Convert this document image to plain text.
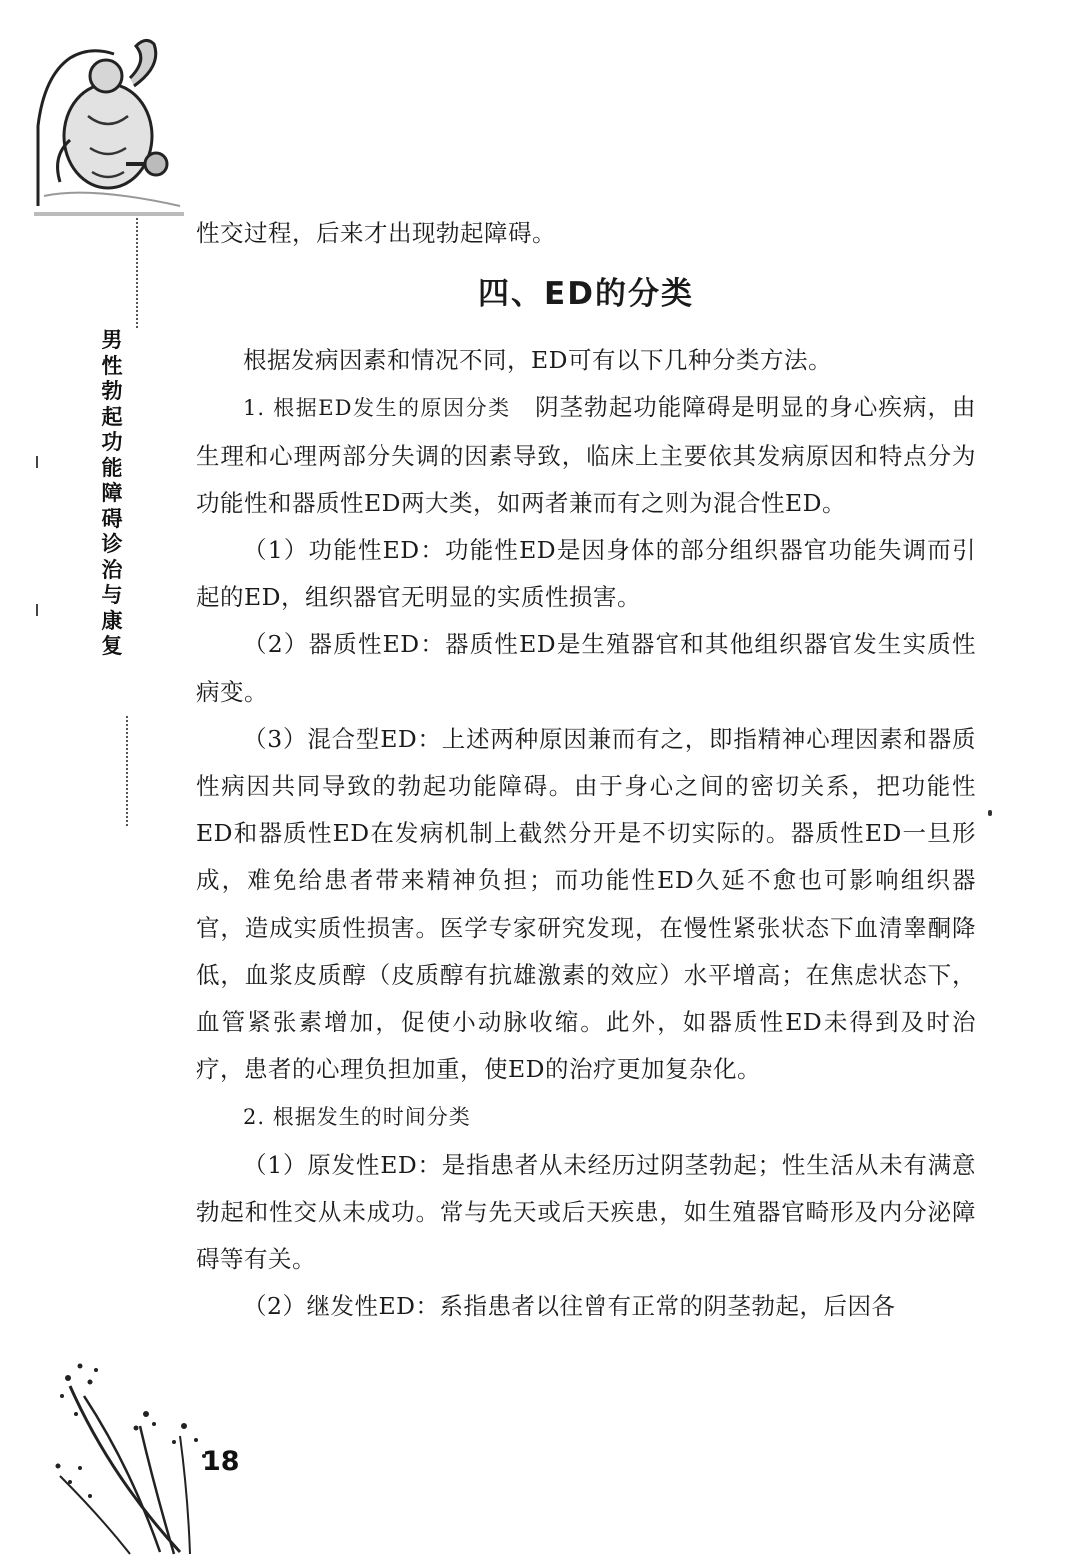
男性勃起功能障碍诊治与康复

性交过程，后来才出现勃起障碍。

四、ED的分类

根据发病因素和情况不同，ED可有以下几种分类方法。

1. 根据ED发生的原因分类　 阴茎勃起功能障碍是明显的身心疾病，由生理和心理两部分失调的因素导致，临床上主要依其发病原因和特点分为功能性和器质性ED两大类，如两者兼而有之则为混合性ED。

（1）功能性ED：功能性ED是因身体的部分组织器官功能失调而引起的ED，组织器官无明显的实质性损害。

（2）器质性ED：器质性ED是生殖器官和其他组织器官发生实质性病变。

（3）混合型ED：上述两种原因兼而有之，即指精神心理因素和器质性病因共同导致的勃起功能障碍。由于身心之间的密切关系，把功能性ED和器质性ED在发病机制上截然分开是不切实际的。器质性ED一旦形成，难免给患者带来精神负担；而功能性ED久延不愈也可影响组织器官，造成实质性损害。医学专家研究发现，在慢性紧张状态下血清睾酮降低，血浆皮质醇（皮质醇有抗雄激素的效应）水平增高；在焦虑状态下，血管紧张素增加，促使小动脉收缩。此外，如器质性ED未得到及时治疗，患者的心理负担加重，使ED的治疗更加复杂化。

2. 根据发生的时间分类

（1）原发性ED：是指患者从未经历过阴茎勃起；性生活从未有满意勃起和性交从未成功。常与先天或后天疾患，如生殖器官畸形及内分泌障碍等有关。

（2）继发性ED：系指患者以往曾有正常的阴茎勃起，后因各

18
